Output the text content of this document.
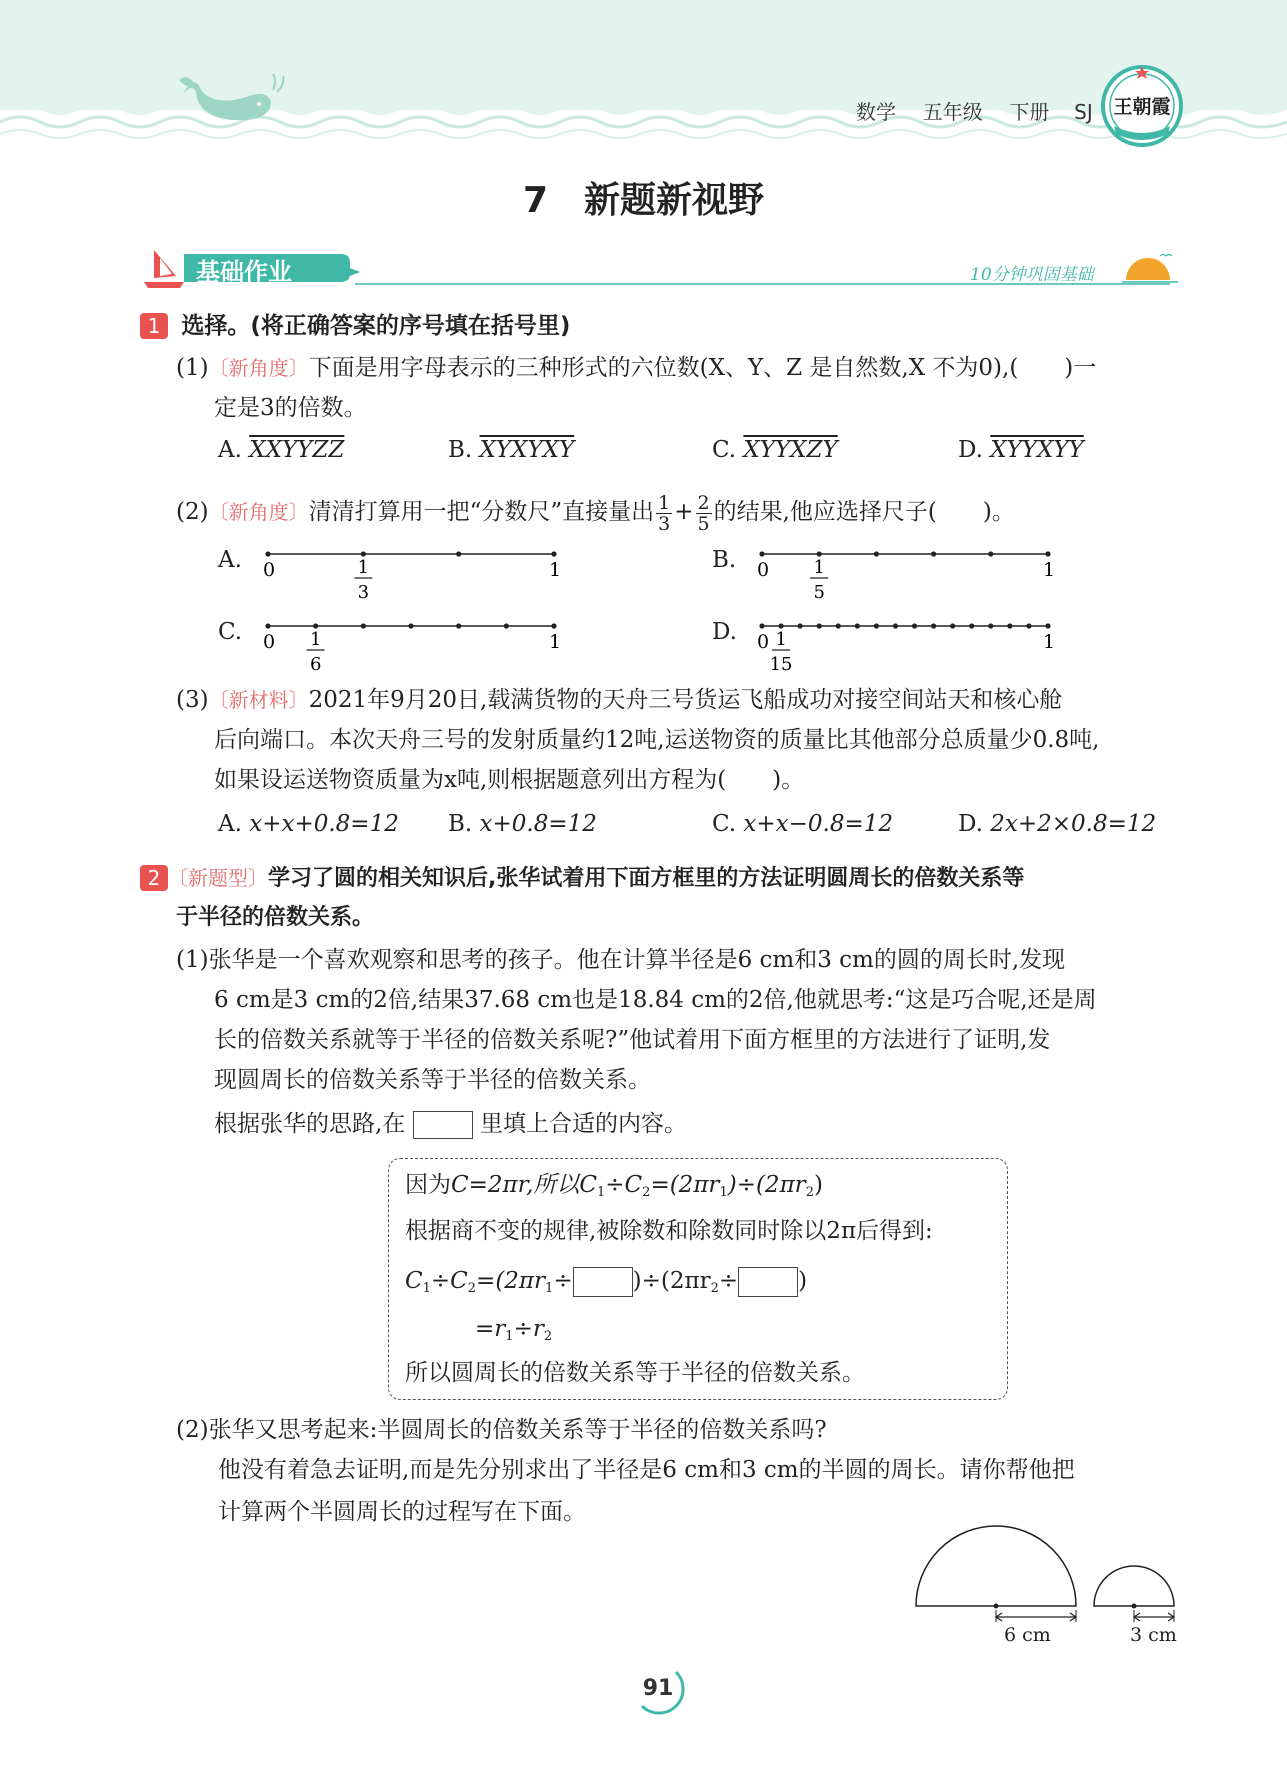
数学 五年级 下册 SJ	王朝霞
7　新题新视野
基础作业	10分钟巩固基础
1 选择。(将正确答案的序号填在括号里)
(1)〔新角度〕下面是用字母表示的三种形式的六位数(X、Y、Z 是自然数,X 不为0),(　　)一
定是3的倍数。
A. XXYYZZ	B. XYXYXY	C. XYYXZY	D. XYYXYY
(2)〔新角度〕清清打算用一把“分数尺”直接量出 $\frac{1}{3} + \frac{2}{5}$ 的结果,他应选择尺子(　　)。
A. 0	1
1
3
B. 0	1
1
5
C. 0	1
1
6
D. 0	1
1
15
(3)〔新材料〕2021年9月20日,载满货物的天舟三号货运飞船成功对接空间站天和核心舱
后向端口。本次天舟三号的发射质量约12吨,运送物资的质量比其他部分总质量少0.8吨,
如果设运送物资质量为x吨,则根据题意列出方程为(　　)。
A. x+x+0.8=12 B. x+0.8=12	C. x+x−0.8=12	D. 2x+2×0.8=12
2 〔新题型〕学习了圆的相关知识后,张华试着用下面方框里的方法证明圆周长的倍数关系等
于半径的倍数关系。
(1)张华是一个喜欢观察和思考的孩子。他在计算半径是6 cm和3 cm的圆的周长时,发现
6 cm是3 cm的2倍,结果37.68 cm也是18.84 cm的2倍,他就思考:“这是巧合呢,还是周
长的倍数关系就等于半径的倍数关系呢?”他试着用下面方框里的方法进行了证明,发
现圆周长的倍数关系等于半径的倍数关系。
根据张华的思路,在	里填上合适的内容。
因为C=2πr,所以$C_1\div C_2=(2\pi r_1)\div(2\pi r_2)$
根据商不变的规律,被除数和除数同时除以2π后得到:
$C_1\div C_2=(2\pi r_1\div$	)$\div(2\pi r_2\div$	)
$=r_1\div r_2$
所以圆周长的倍数关系等于半径的倍数关系。
(2)张华又思考起来:半圆周长的倍数关系等于半径的倍数关系吗?
他没有着急去证明,而是先分别求出了半径是6 cm和3 cm的半圆的周长。请你帮他把
计算两个半圆周长的过程写在下面。
6 cm	3 cm
91
